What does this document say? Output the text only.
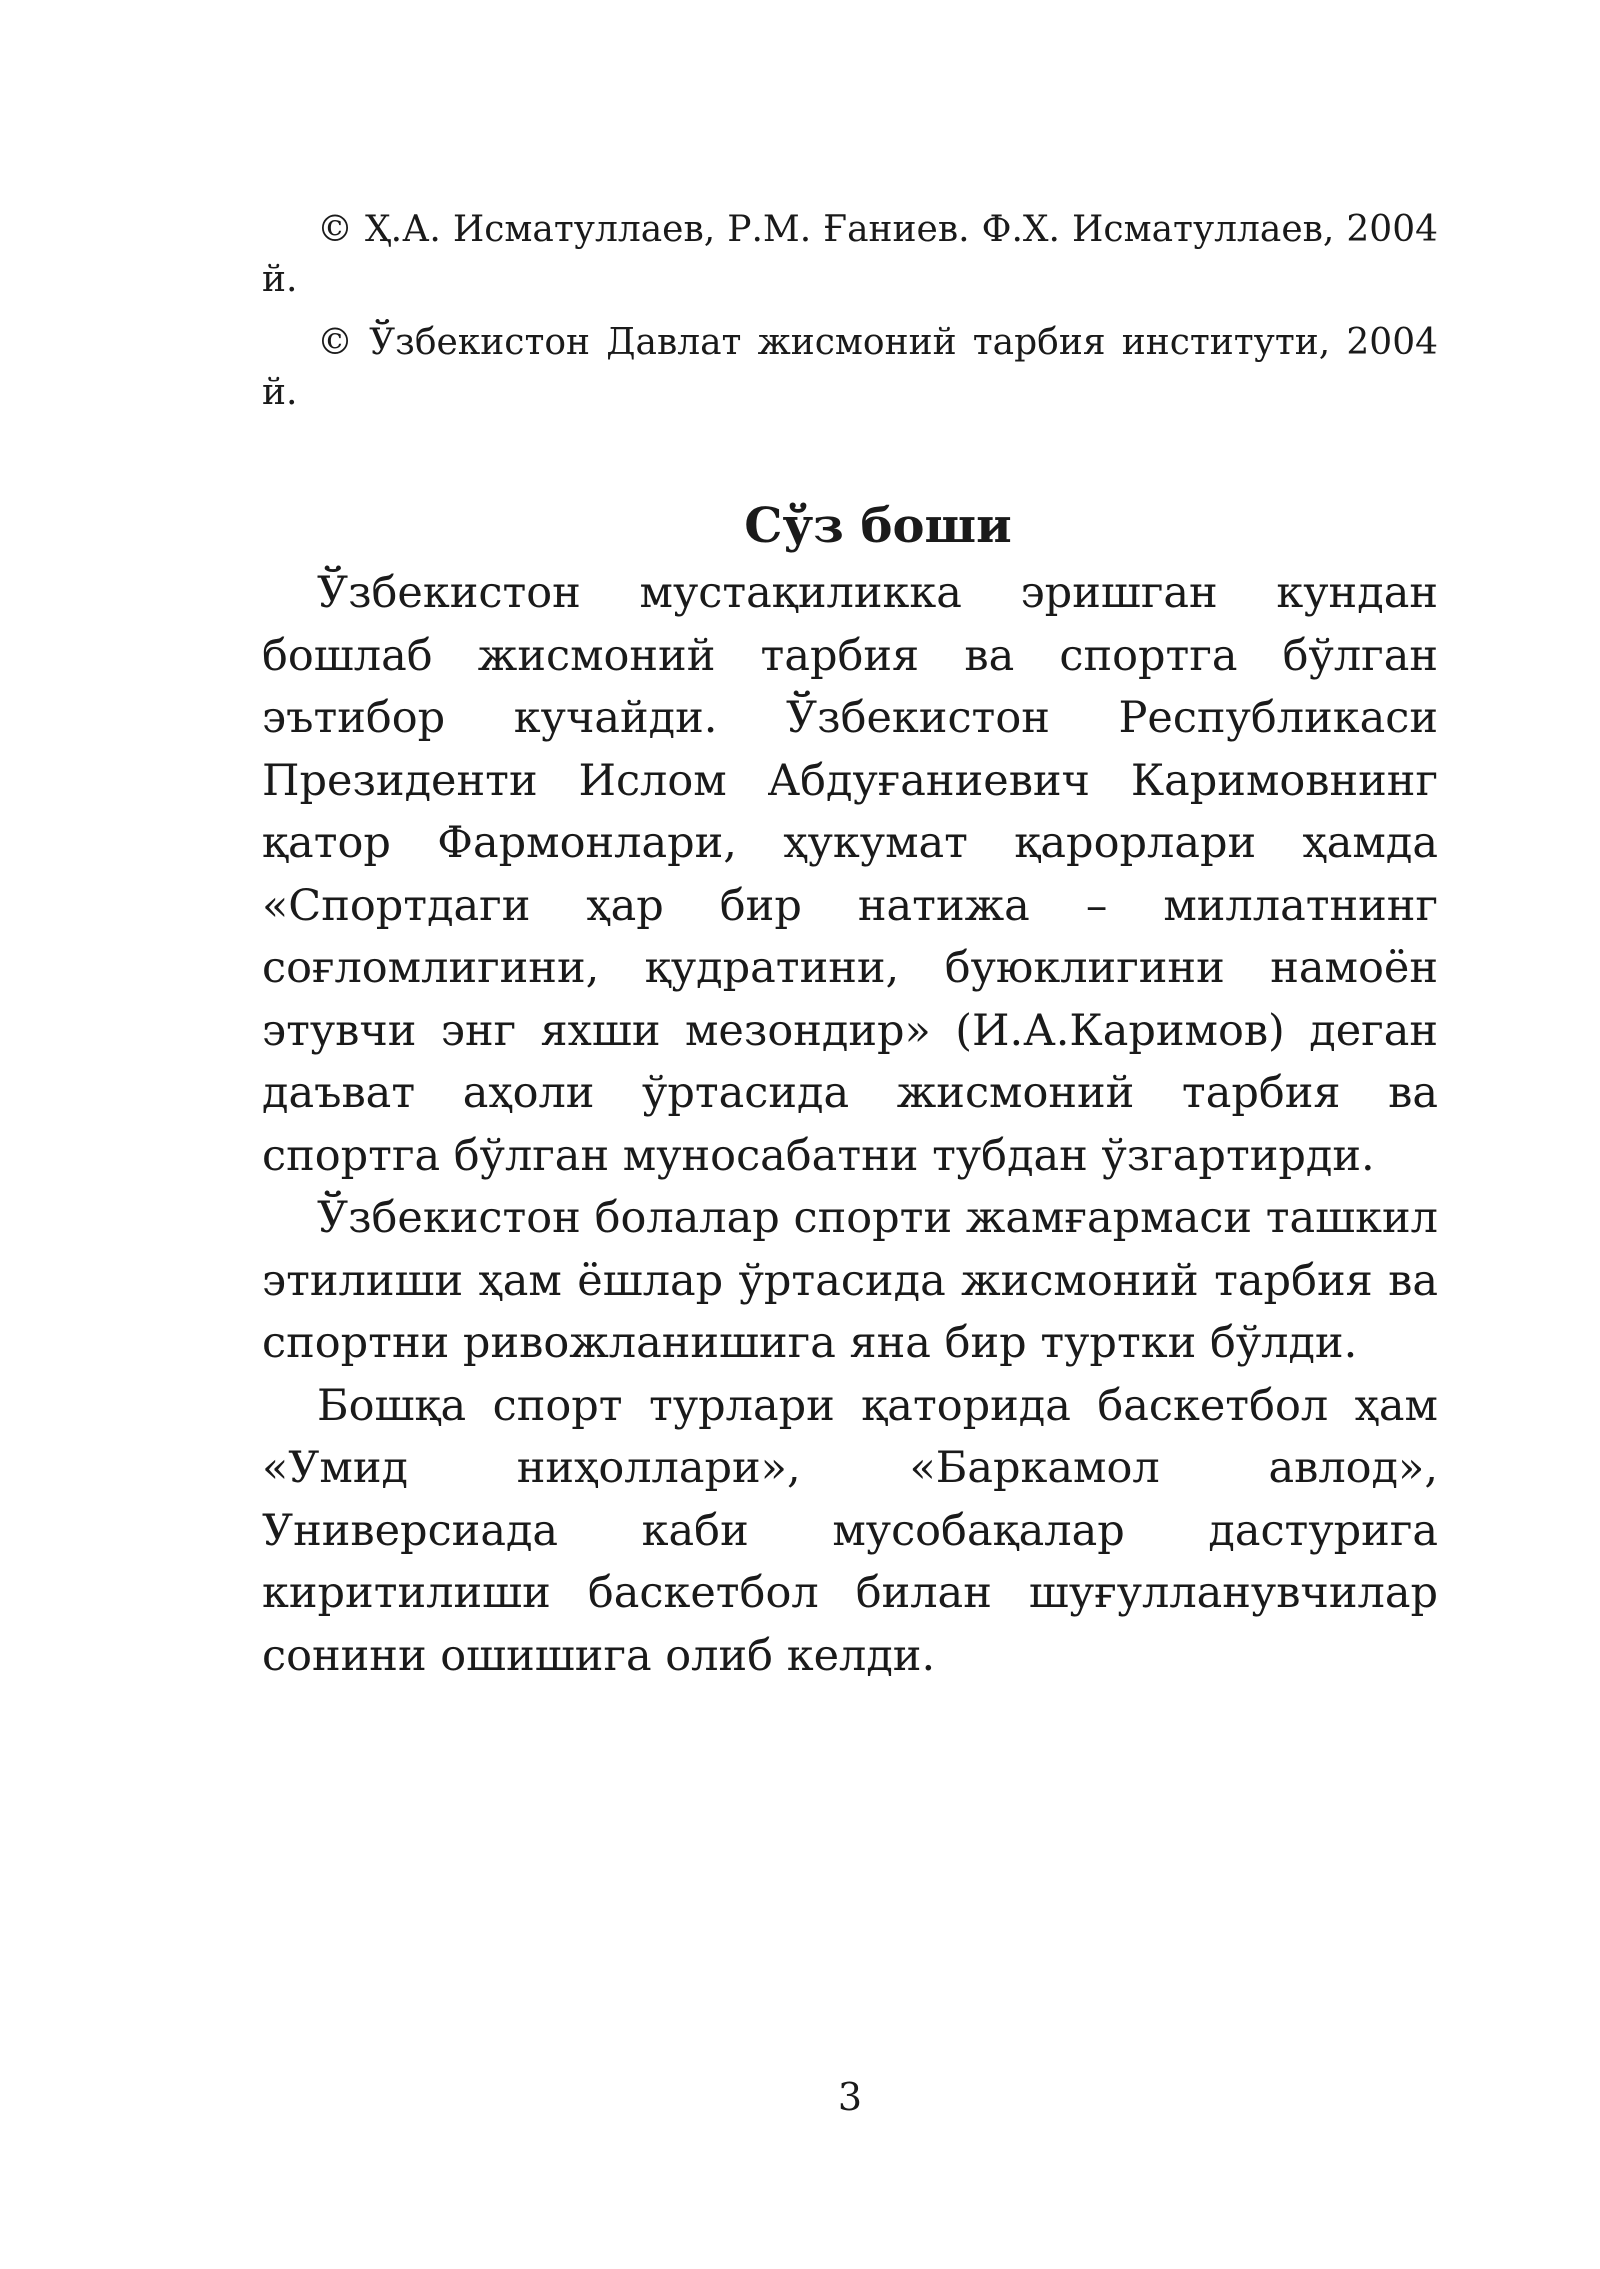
© Ҳ.А. Исматуллаев, Р.М. Ғаниев. Ф.Х. Исматуллаев, 2004 й.

© Ўзбекистон Давлат жисмоний тарбия институти, 2004 й.

Сўз боши

Ўзбекистон мустақиликка эришган кундан бошлаб жисмоний тарбия ва спортга бўлган эътибор кучайди. Ўзбекистон Республикаси Президенти Ислом Абдуғаниевич Каримовнинг қатор Фармонлари, ҳукумат қарорлари ҳамда «Спортдаги ҳар бир натижа – миллатнинг соғломлигини, қудратини, буюклигини намоён этувчи энг яхши мезондир» (И.А.Каримов) деган даъват аҳоли ўртасида жисмоний тарбия ва спортга бўлган муносабатни тубдан ўзгартирди.

Ўзбекистон болалар спорти жамғармаси ташкил этилиши ҳам ёшлар ўртасида жисмоний тарбия ва спортни ривожланишига яна бир туртки бўлди.

Бошқа спорт турлари қаторида баскетбол ҳам «Умид ниҳоллари», «Баркамол авлод», Универсиада каби мусобақалар дастурига киритилиши баскетбол билан шуғулланувчилар сонини ошишига олиб келди.

3
